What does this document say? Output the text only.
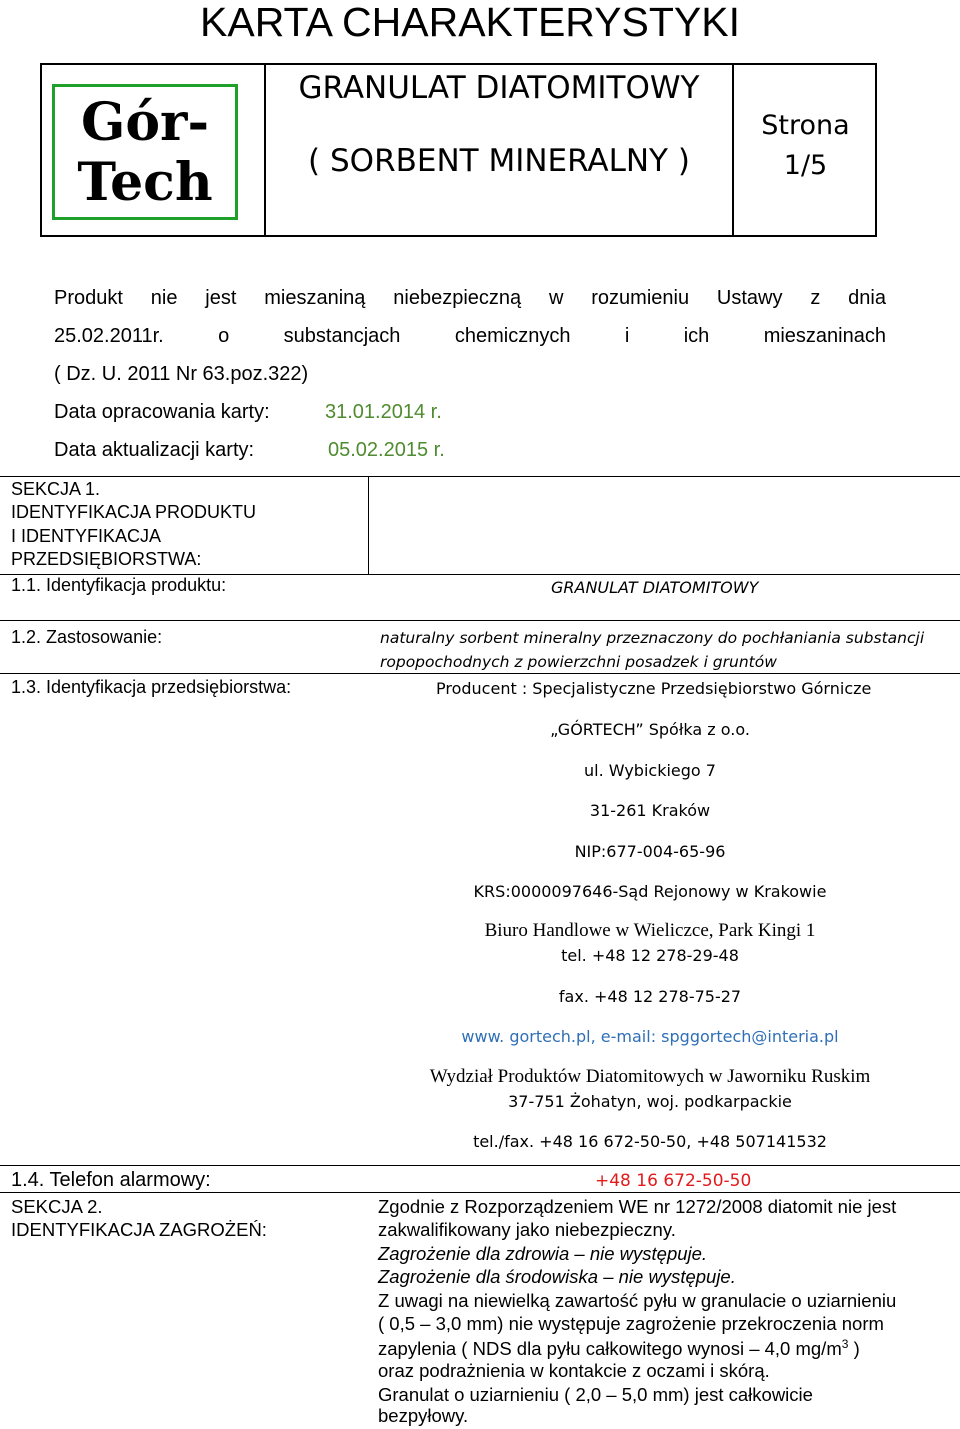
KARTA CHARAKTERYSTYKI
Gór-
Tech
GRANULAT DIATOMITOWY
( SORBENT MINERALNY )
Strona
1/5
Produkt nie jest mieszaniną niebezpieczną w rozumieniu Ustawy z dnia
25.02.2011r. o substancjach chemicznych i ich mieszaninach
( Dz. U. 2011 Nr 63.poz.322)
Data opracowania karty:	31.01.2014 r.
Data aktualizacji karty:	05.02.2015 r.
SEKCJA 1.
IDENTYFIKACJA PRODUKTU
I IDENTYFIKACJA
PRZEDSIĘBIORSTWA:
1.1. Identyfikacja produktu:	GRANULAT DIATOMITOWY
1.2. Zastosowanie:	naturalny sorbent mineralny przeznaczony do pochłaniania substancji
ropopochodnych z powierzchni posadzek i gruntów
1.3. Identyfikacja przedsiębiorstwa:	Producent : Specjalistyczne Przedsiębiorstwo Górnicze
„GÓRTECH” Spółka z o.o.
ul. Wybickiego 7
31-261 Kraków
NIP:677-004-65-96
KRS:0000097646-Sąd Rejonowy w Krakowie
Biuro Handlowe w Wieliczce, Park Kingi 1
tel. +48 12 278-29-48
fax. +48 12 278-75-27
www. gortech.pl, e-mail: spggortech@interia.pl
Wydział Produktów Diatomitowych w Jaworniku Ruskim
37-751 Żohatyn, woj. podkarpackie
tel./fax. +48 16 672-50-50, +48 507141532
1.4. Telefon alarmowy:	+48 16 672-50-50
SEKCJA 2.
IDENTYFIKACJA ZAGROŻEŃ:
Zgodnie z Rozporządzeniem WE nr 1272/2008 diatomit nie jest
zakwalifikowany jako niebezpieczny.
Zagrożenie dla zdrowia – nie występuje.
Zagrożenie dla środowiska – nie występuje.
Z uwagi na niewielką zawartość pyłu w granulacie o uziarnieniu
( 0,5 – 3,0 mm) nie występuje zagrożenie przekroczenia norm
zapylenia ( NDS dla pyłu całkowitego wynosi – 4,0 $mg/m^3$ )
oraz podrażnienia w kontakcie z oczami i skórą.
Granulat o uziarnieniu ( 2,0 – 5,0 mm) jest całkowicie
bezpyłowy.
